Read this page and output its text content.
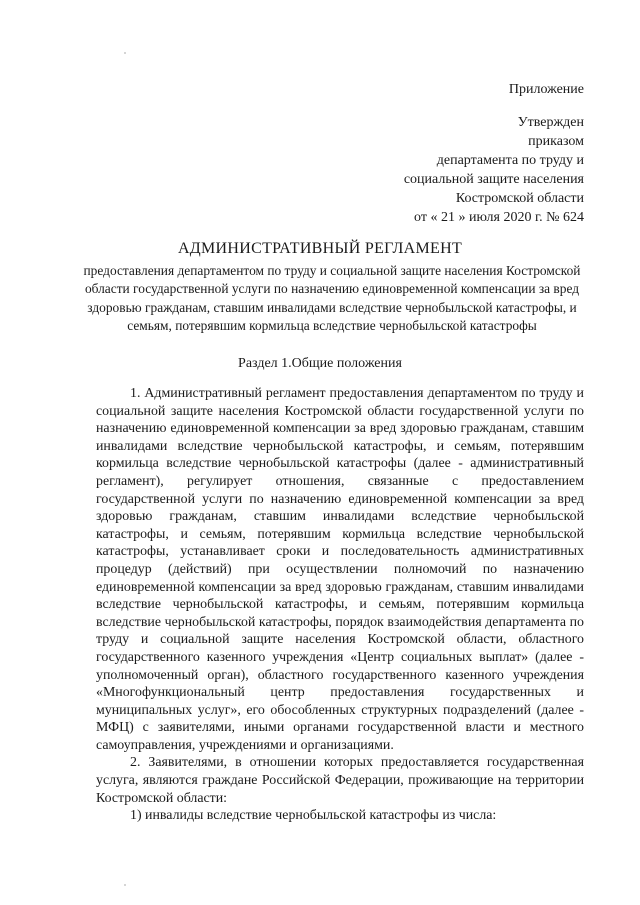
Приложение
Утвержден
приказом
департамента по труду и
социальной защите населения
Костромской области
от « 21 » июля 2020 г. № 624
АДМИНИСТРАТИВНЫЙ РЕГЛАМЕНТ
предоставления департаментом по труду и социальной защите населения Костромской области государственной услуги по назначению единовременной компенсации за вред здоровью гражданам, ставшим инвалидами вследствие чернобыльской катастрофы, и семьям, потерявшим кормильца вследствие чернобыльской катастрофы
Раздел 1.Общие положения

1. Административный регламент предоставления департаментом по труду и социальной защите населения Костромской области государственной услуги по назначению единовременной компенсации за вред здоровью гражданам, ставшим инвалидами вследствие чернобыльской катастрофы, и семьям, потерявшим кормильца вследствие чернобыльской катастрофы (далее - административный регламент), регулирует отношения, связанные с предоставлением государственной услуги по назначению единовременной компенсации за вред здоровью гражданам, ставшим инвалидами вследствие чернобыльской катастрофы, и семьям, потерявшим кормильца вследствие чернобыльской катастрофы, устанавливает сроки и последовательность административных процедур (действий) при осуществлении полномочий по назначению единовременной компенсации за вред здоровью гражданам, ставшим инвалидами вследствие чернобыльской катастрофы, и семьям, потерявшим кормильца вследствие чернобыльской катастрофы, порядок взаимодействия департамента по труду и социальной защите населения Костромской области, областного государственного казенного учреждения «Центр социальных выплат» (далее - уполномоченный орган), областного государственного казенного учреждения «Многофункциональный центр предоставления государственных и муниципальных услуг», его обособленных структурных подразделений (далее - МФЦ) с заявителями, иными органами государственной власти и местного самоуправления, учреждениями и организациями.

2. Заявителями, в отношении которых предоставляется государственная услуга, являются граждане Российской Федерации, проживающие на территории Костромской области:

1) инвалиды вследствие чернобыльской катастрофы из числа:
